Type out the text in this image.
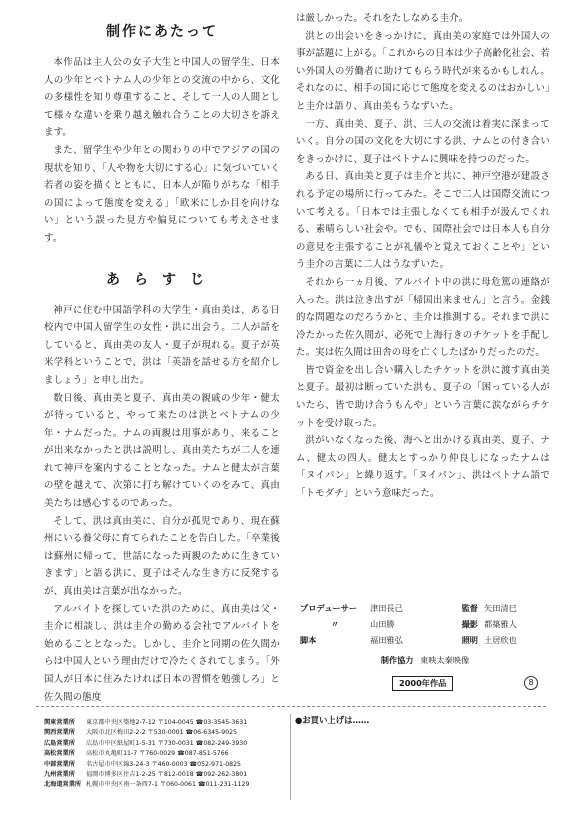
制作にあたって

本作品は主人公の女子大生と中国人の留学生、日本人の少年とベトナム人の少年との交流の中から、文化の多様性を知り尊重すること、そして一人の人間として様々な違いを乗り越え触れ合うことの大切さを訴えます。

また、留学生や少年との関わりの中でアジアの国の現状を知り、「人や物を大切にする心」に気づいていく若者の姿を描くとともに、日本人が陥りがちな「相手の国によって態度を変える」「欧米にしか目を向けない」という誤った見方や偏見についても考えさせます。

あらすじ

神戸に住む中国語学科の大学生・真由美は、ある日校内で中国人留学生の女性・洪に出会う。二人が話をしていると、真由美の友人・夏子が現れる。夏子が英米学科ということで、洪は「英語を話せる方を紹介しましょう」と申し出た。

数日後、真由美と夏子、真由美の親戚の少年・健太が待っていると、やって来たのは洪とベトナムの少年・ナムだった。ナムの両親は用事があり、来ることが出来なかったと洪は説明し、真由美たちが二人を連れて神戸を案内することとなった。ナムと健太が言葉の壁を越えて、次第に打ち解けていくのをみて、真由美たちは感心するのであった。

そして、洪は真由美に、自分が孤児であり、現在蘇州にいる養父母に育てられたことを告白した。「卒業後は蘇州に帰って、世話になった両親のために生きていきます」と語る洪に、夏子はそんな生き方に反発するが、真由美は言葉が出なかった。

アルバイトを探していた洪のために、真由美は父・圭介に相談し、洪は圭介の勤める会社でアルバイトを始めることとなった。しかし、圭介と同期の佐久間からは中国人という理由だけで冷たくされてしまう。「外国人が日本に住みたければ日本の習慣を勉強しろ」と佐久間の態度

は厳しかった。それをたしなめる圭介。

洪との出会いをきっかけに、真由美の家庭では外国人の事が話題に上がる。「これからの日本は少子高齢化社会、若い外国人の労働者に助けてもらう時代が来るかもしれん。それなのに、相手の国に応じて態度を変えるのはおかしい」と圭介は語り、真由美もうなずいた。

一方、真由美、夏子、洪、三人の交流は着実に深まっていく。自分の国の文化を大切にする洪、ナムとの付き合いをきっかけに、夏子はベトナムに興味を持つのだった。

ある日、真由美と夏子は圭介と共に、神戸空港が建設される予定の場所に行ってみた。そこで二人は国際交流について考える。「日本では主張しなくても相手が汲んでくれる、素晴らしい社会や。でも、国際社会では日本人も自分の意見を主張することが礼儀やと覚えておくことや」という圭介の言葉に二人はうなずいた。

それから一ヵ月後、アルバイト中の洪に母危篤の連絡が入った。洪は泣き出すが「帰国出来ません」と言う。金銭的な問題なのだろうかと、圭介は推測する。それまで洪に冷たかった佐久間が、必死で上海行きのチケットを手配した。実は佐久間は田舎の母を亡くしたばかりだったのだ。

皆で資金を出し合い購入したチケットを洪に渡す真由美と夏子。最初は断っていた洪も、夏子の「困っている人がいたら、皆で助け合うもんや」という言葉に涙ながらチケットを受け取った。

洪がいなくなった後、海へと出かける真由美、夏子、ナム、健太の四人。健太とすっかり仲良しになったナムは「ヌイパン」と繰り返す。「ヌイパン」、洪はベトナム語で「トモダチ」という意味だった。

プロデューサー	津田長己	監督 矢田清巳
〃	山田勝	撮影 都築雅人
脚本	福田雅弘	照明 土居欣也
制作協力 東映太秦映像
2000年作品	8
関東営業所	東京都中央区築地2-7-12 〒104-0045 ☎03-3545-3631
関西営業所	大阪市北区梅田2-2-2 〒530-0001 ☎06-6345-9025
広島営業所	広島市中区紙屋町1-5-31 〒730-0031 ☎082-249-3930
高松営業所	高松市丸亀町11-7 〒760-0029 ☎087-851-5766
中部営業所	名古屋市中区錦3-24-3 〒460-0003 ☎052-971-0825
九州営業所	福岡市博多区住吉1-2-25 〒812-0018 ☎092-262-3801
北海道営業所 札幌市中央区南一条西7-1 〒060-0061 ☎011-231-1129
●お買い上げは……
